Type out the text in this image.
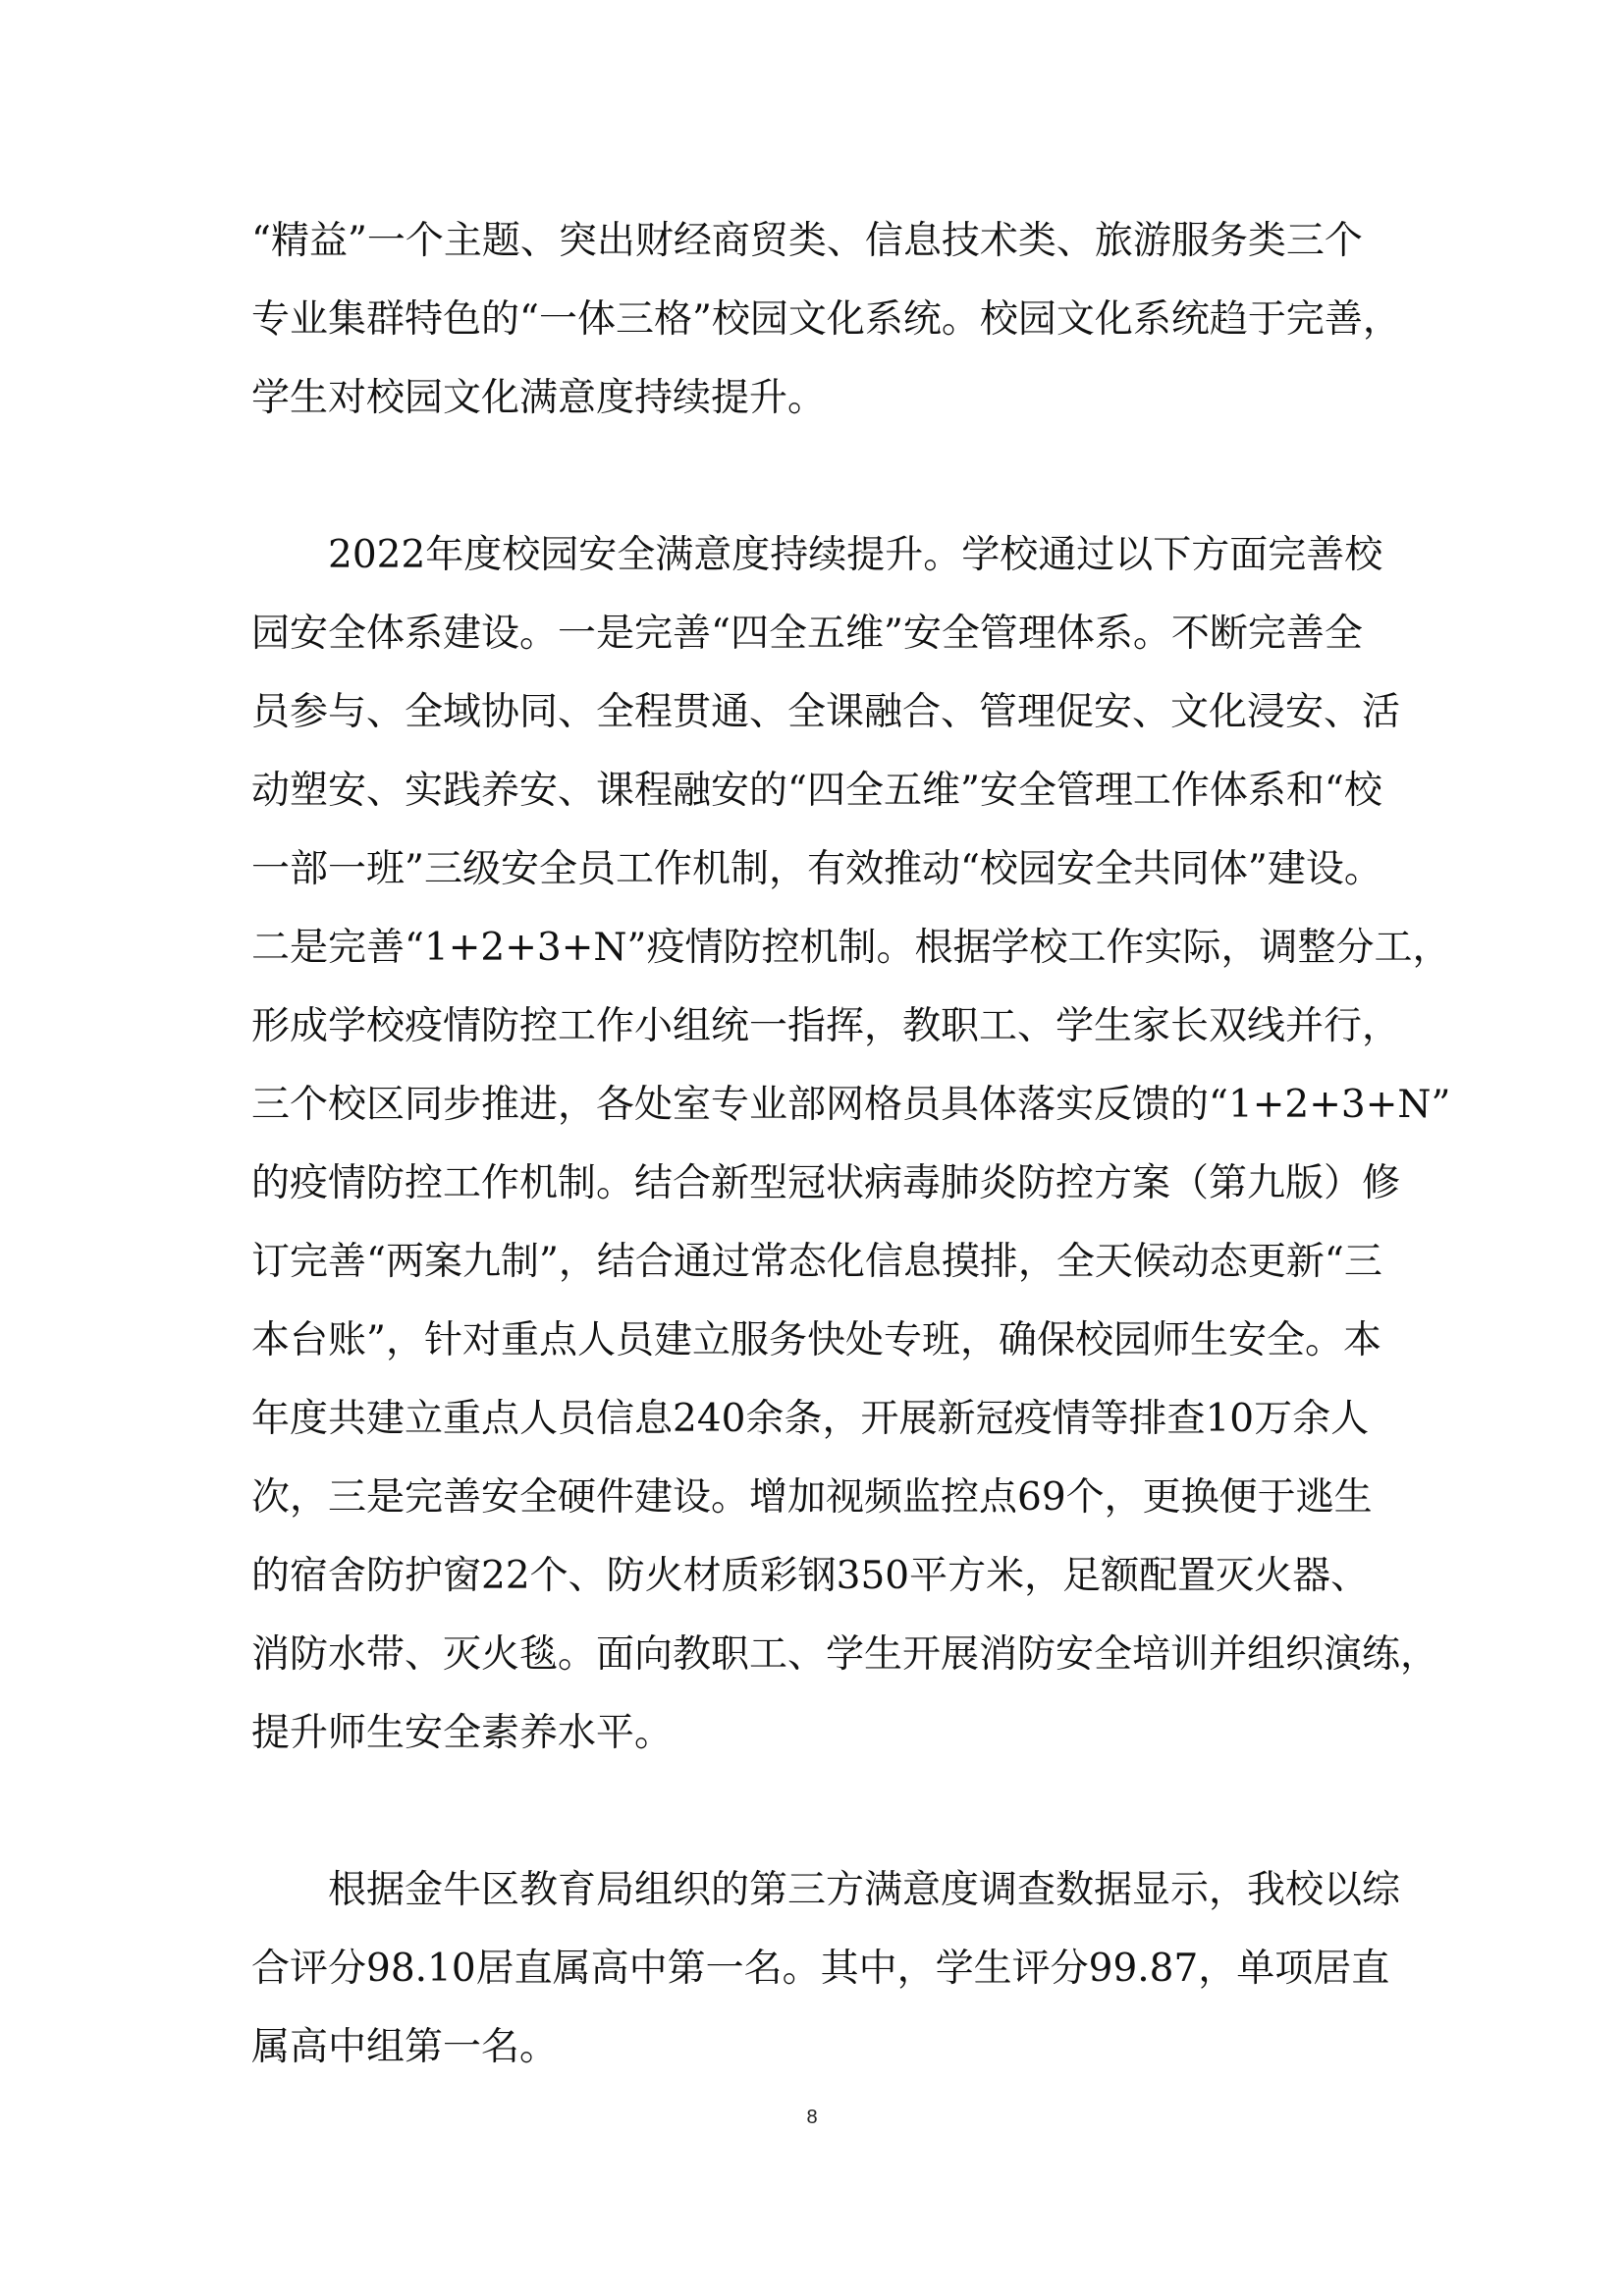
“精益”一个主题、突出财经商贸类、信息技术类、旅游服务类三个
专业集群特色的“一体三格”校园文化系统。校园文化系统趋于完善，
学生对校园文化满意度持续提升。

2022年度校园安全满意度持续提升。学校通过以下方面完善校
园安全体系建设。一是完善“四全五维”安全管理体系。不断完善全
员参与、全域协同、全程贯通、全课融合、管理促安、文化浸安、活
动塑安、实践养安、课程融安的“四全五维”安全管理工作体系和“校
一部一班”三级安全员工作机制，有效推动“校园安全共同体”建设。
二是完善“1+2+3+N”疫情防控机制。根据学校工作实际，调整分工，
形成学校疫情防控工作小组统一指挥，教职工、学生家长双线并行，
三个校区同步推进，各处室专业部网格员具体落实反馈的“1+2+3+N”
的疫情防控工作机制。结合新型冠状病毒肺炎防控方案（第九版）修
订完善“两案九制”，结合通过常态化信息摸排，全天候动态更新“三
本台账”，针对重点人员建立服务快处专班，确保校园师生安全。本
年度共建立重点人员信息240余条，开展新冠疫情等排查10万余人
次，三是完善安全硬件建设。增加视频监控点69个，更换便于逃生
的宿舍防护窗22个、防火材质彩钢350平方米，足额配置灭火器、
消防水带、灭火毯。面向教职工、学生开展消防安全培训并组织演练，
提升师生安全素养水平。

根据金牛区教育局组织的第三方满意度调查数据显示，我校以综
合评分98.10居直属高中第一名。其中，学生评分99.87，单项居直
属高中组第一名。

8
